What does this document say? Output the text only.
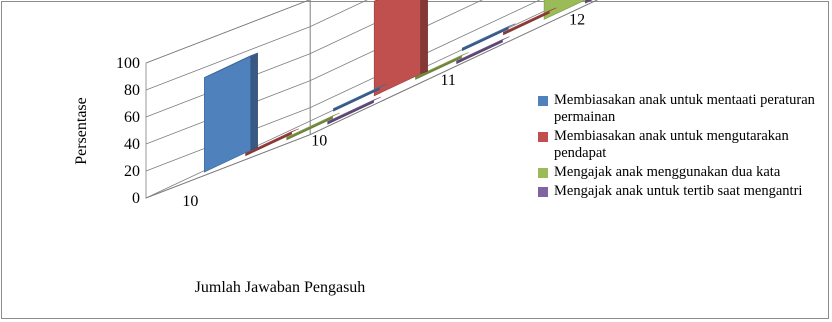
0
20
40
60
80
100
10
10
11
12
Persentase
Jumlah Jawaban Pengasuh
Membiasakan anak untuk mentaati peraturan permainan
Membiasakan anak untuk mengutarakan pendapat
Mengajak anak menggunakan dua kata
Mengajak anak untuk tertib saat mengantri
